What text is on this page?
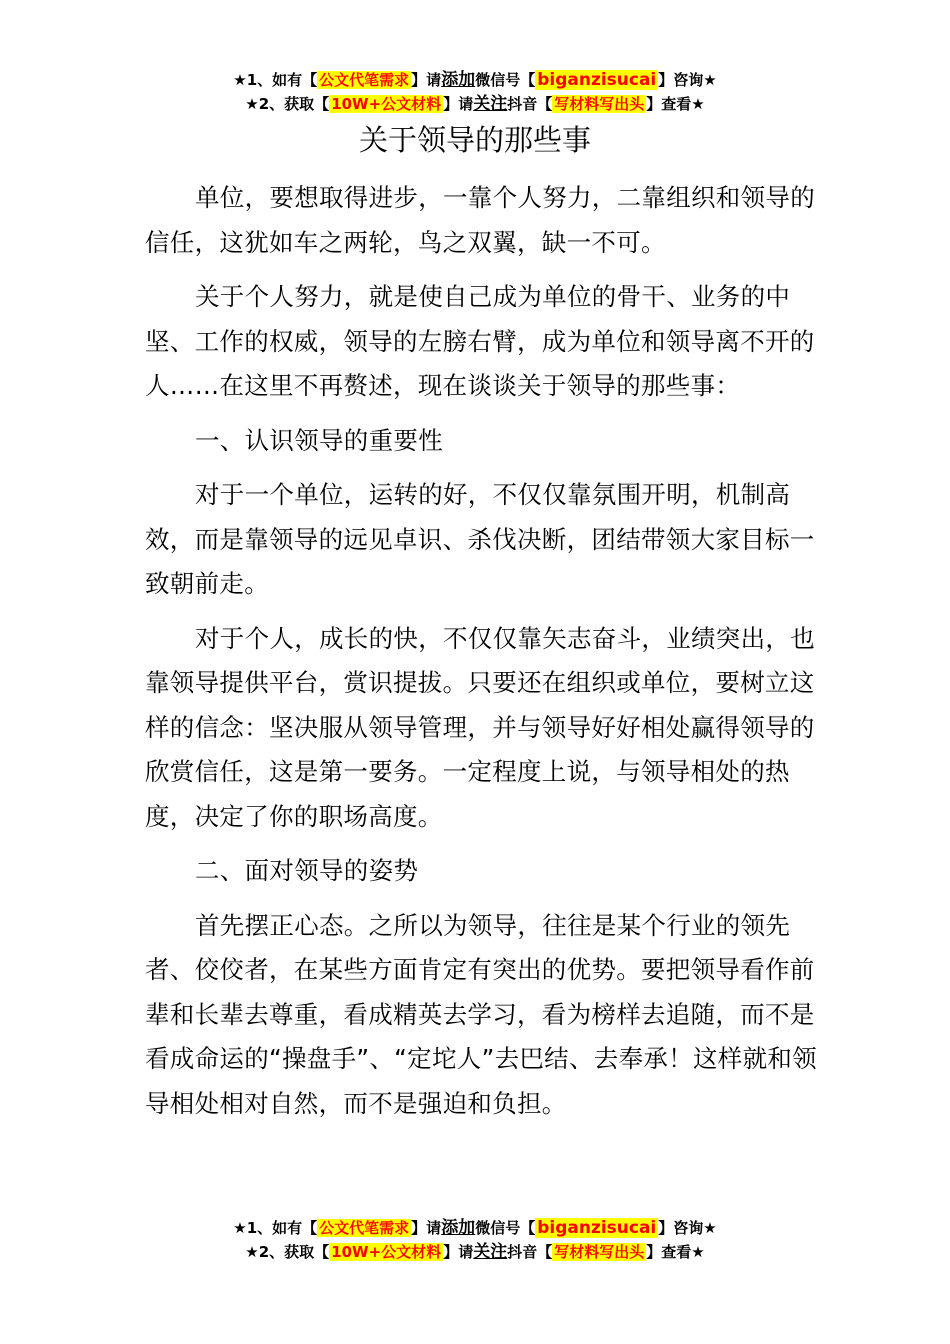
★1、如有【 公文代笔需求 】请添加微信号【 biganzisucai 】咨询★
★2、获取【 10W+公文材料 】请关注抖音【 写材料写出头 】查看★
关于领导的那些事

单位，要想取得进步，一靠个人努力，二靠组织和领导的信任，这犹如车之两轮，鸟之双翼，缺一不可。

关于个人努力，就是使自己成为单位的骨干、业务的中坚、工作的权威，领导的左膀右臂，成为单位和领导离不开的人……在这里不再赘述，现在谈谈关于领导的那些事：

一、认识领导的重要性

对于一个单位，运转的好，不仅仅靠氛围开明，机制高效，而是靠领导的远见卓识、杀伐决断，团结带领大家目标一致朝前走。

对于个人，成长的快，不仅仅靠矢志奋斗，业绩突出，也靠领导提供平台，赏识提拔。只要还在组织或单位，要树立这样的信念：坚决服从领导管理，并与领导好好相处赢得领导的欣赏信任，这是第一要务。一定程度上说，与领导相处的热度，决定了你的职场高度。

二、面对领导的姿势

首先摆正心态。之所以为领导，往往是某个行业的领先者、佼佼者，在某些方面肯定有突出的优势。要把领导看作前辈和长辈去尊重，看成精英去学习，看为榜样去追随，而不是看成命运的“操盘手”、“定坨人”去巴结、去奉承！这样就和领导相处相对自然，而不是强迫和负担。

★1、如有【 公文代笔需求 】请添加微信号【 biganzisucai 】咨询★
★2、获取【 10W+公文材料 】请关注抖音【 写材料写出头 】查看★
